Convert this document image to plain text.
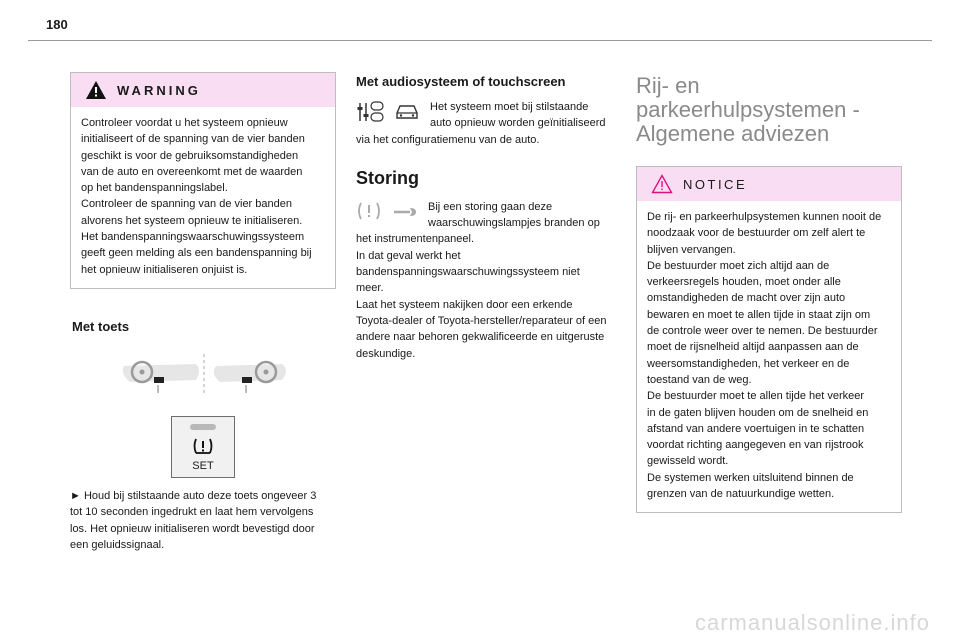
180
WARNING
Controleer voordat u het systeem opnieuw
initialiseert of de spanning van de vier banden
geschikt is voor de gebruiksomstandigheden
van de auto en overeenkomt met de waarden
op het bandenspanningslabel.
Controleer de spanning van de vier banden
alvorens het systeem opnieuw te initialiseren.
Het bandenspanningswaarschuwingssysteem
geeft geen melding als een bandenspanning bij
het opnieuw initialiseren onjuist is.
Met toets
SET
► Houd bij stilstaande auto deze toets ongeveer 3
tot 10 seconden ingedrukt en laat hem vervolgens
los. Het opnieuw initialiseren wordt bevestigd door
een geluidssignaal.
Met audiosysteem of touchscreen
Het systeem moet bij stilstaande
auto opnieuw worden geïnitialiseerd
via het configuratiemenu van de auto.
Storing
Bij een storing gaan deze
waarschuwingslampjes branden op
het instrumentenpaneel.
In dat geval werkt het
bandenspanningswaarschuwingssysteem niet
meer.
Laat het systeem nakijken door een erkende
Toyota-dealer of Toyota-hersteller/reparateur of een
andere naar behoren gekwalificeerde en uitgeruste
deskundige.
Rij- en
parkeerhulpsystemen -
Algemene adviezen
NOTICE
De rij- en parkeerhulpsystemen kunnen nooit de
noodzaak voor de bestuurder om zelf alert te
blijven vervangen.
De bestuurder moet zich altijd aan de
verkeersregels houden, moet onder alle
omstandigheden de macht over zijn auto
bewaren en moet te allen tijde in staat zijn om
de controle weer over te nemen. De bestuurder
moet de rijsnelheid altijd aanpassen aan de
weersomstandigheden, het verkeer en de
toestand van de weg.
De bestuurder moet te allen tijde het verkeer
in de gaten blijven houden om de snelheid en
afstand van andere voertuigen in te schatten
voordat richting aangegeven en van rijstrook
gewisseld wordt.
De systemen werken uitsluitend binnen de
grenzen van de natuurkundige wetten.
carmanualsonline.info
